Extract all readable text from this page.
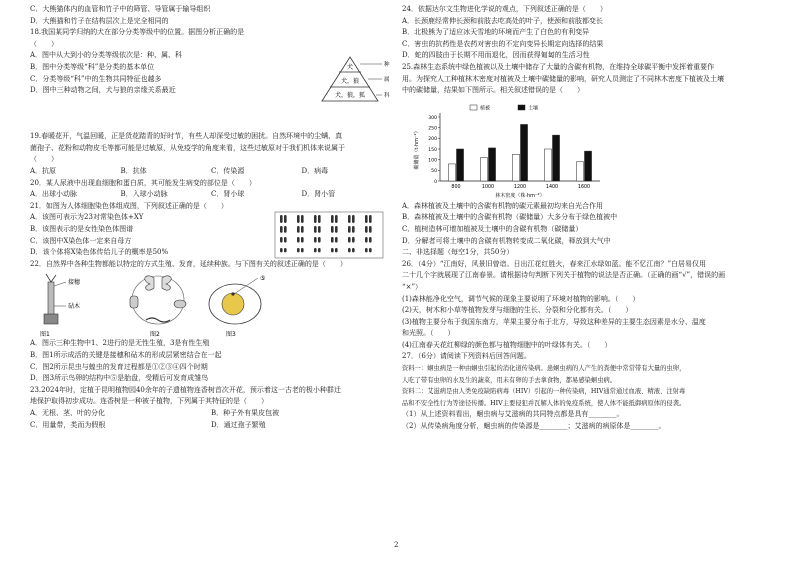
C．大熊猫体内的血管和竹子中的筛管、导管属于输导组织
D．大熊猫和竹子在结构层次上是完全相同的
18.我国某同学归纳的犬在部分分类等级中的位置。据图分析正确的是
（　　）
A．图中从大到小的分类等级依次是：种、属、科
B．图中分类等级“科”是分类的基本单位
C．分类等级“科”中的生物共同特征也越多
D．图中三种动物之间，犬与狼的亲缘关系最近
犬
犬，狼
犬，狼，狐
种
属
科
19.春暖花开，气温回暖，正是货花踏青的好时节，有些人却深受过敏的困扰。自然环境中的尘螨、真
菌孢子、花粉和动物皮毛等都可能是过敏原，从免疫学的角度来看，这些过敏原对于我们机体来说属于
（　　）
A．抗原	B．抗体	C．传染源	D．病毒
20．某人尿液中出现血细胞和蛋白质，其可能发生病变的部位是（　　）
A．出球小动脉	B．入球小动脉	C．肾小球	D．肾小管
21．如图为人体细胞染色体组成图，下列叙述正确的是（　　）
A．该图可表示为23对常染色体+XY
B．该图表示的是女性染色体图谱
C．该图中X染色体一定来自母方
D．该个体将X染色体传给儿子的概率是50%
22．自然界中各种生物都能以特定的方式生殖、发育，延续种族。与下图有关的叙述正确的是（　　）
接穗
砧木
图1	图2
⑤
图3
A．图示三种生物中1、2进行的是无性生殖，3是有性生殖
B．图1所示成活的关键是接穗和砧木的形成层紧密结合在一起
C．图2所示昆虫与蝗虫的发育过程都是①②③④四个时期
D．图3所示鸟卵的结构中⑤是胎盘，受精后可发育成雏鸟
23.2024年时，定植于昆明植物园40余年的子遗植物连香树首次开花，预示着这一古老的极小种群迁
地保护取得初步成功。连香树是一种被子植物，下列属于其特征的是（　　）
A．无根、茎、叶的分化	B．种子外有果皮包被
C．用量带，类而为假根	D．通过孢子繁殖
24．依据达尔文生物进化学说的观点，下列叙述正确的是（　　）
A．长颈鹿经常伸长颈和前肢去吃高处的叶子，使颈和前肢都变长
B．北极熊为了适应冰天雪地的环境而产生了白色的有利变异
C．害虫的抗药性是农药对害虫的不定向变异长期定向选择的结果
D．蛇的四肢由于长期不用而退化，因而获得匍匐的生活习性
25.森林生态系统中绿色植被以及土壤中储存了大量的含碳有机物，在维持全球碳平衡中发挥着重要作
用。为探究人工种植林木密度对植被及土壤中碳储量的影响，研究人员测定了不同林木密度下植被及土壤
中的碳储量，结果如下图所示。相关叙述错误的是（　　）
0
50
100
150
200
250
300
碳储量（t·hm⁻²）
800	1000	1200	1400	1600
林木密度（株·hm⁻²）
植被	土壤
A．森林植被及土壤中的含碳有机物的碳元素最初均来自光合作用
B．森林植被及土壤中的含碳有机物（碳储量）大多分布于绿色植被中
C．植树造林可增加植被及土壤中的含碳有机物（碳储量）
D．分解者可将土壤中的含碳有机物转变成二氧化碳，释放到大气中
二、非选择题（每空1分，共50分）
26．（4分）“江南好，风景旧曾谙。日出江花红胜火，春来江水绿如蓝。能不忆江南？”白居易仅用
二十几个字就展现了江南春景。请根据诗句判断下列关于植物的说法是否正确。（正确的画“√”，错误的画
“×”）
(1)森林能净化空气，调节气候的现象主要说明了环境对植物的影响。（　　）
(2)天，树木和小草等植物发芽与细胞的生长、分裂和分化都有关。（　　）
(3)植物主要分布于我国东南方，苹果主要分布于北方，导致这种差异的主要生态因素是水分、温度
和光照。（　　）
(4)江南春天花红柳绿的颜色都与植物细胞中的叶绿体有关。（　　）
27．（6分）请阅读下列资料后回答问题。
资料一：蛔虫病是一种由蛔虫引起的消化道传染病。患蛔虫病的人产生的粪便中常常带有大量的虫卵，
人吃了带有虫卵的水及生的蔬菜，用未有卵的手去拿食物，都易感染蛔虫病。
资料二：艾滋病是由人类免疫缺陷病毒（HIV）引起的一种传染病，HIV通常通过血液、精液、注射毒
品和不安全性行为等途径传播。HIV主要侵犯并瓦解人体的免疫系统，使人体不能抵御病原体的侵袭。
（1）从上述资料看出，蛔虫病与艾滋病的共同特点都是具有________。
（2）从传染病角度分析，蛔虫病的传染源是________；艾滋病的病原体是________。
2
